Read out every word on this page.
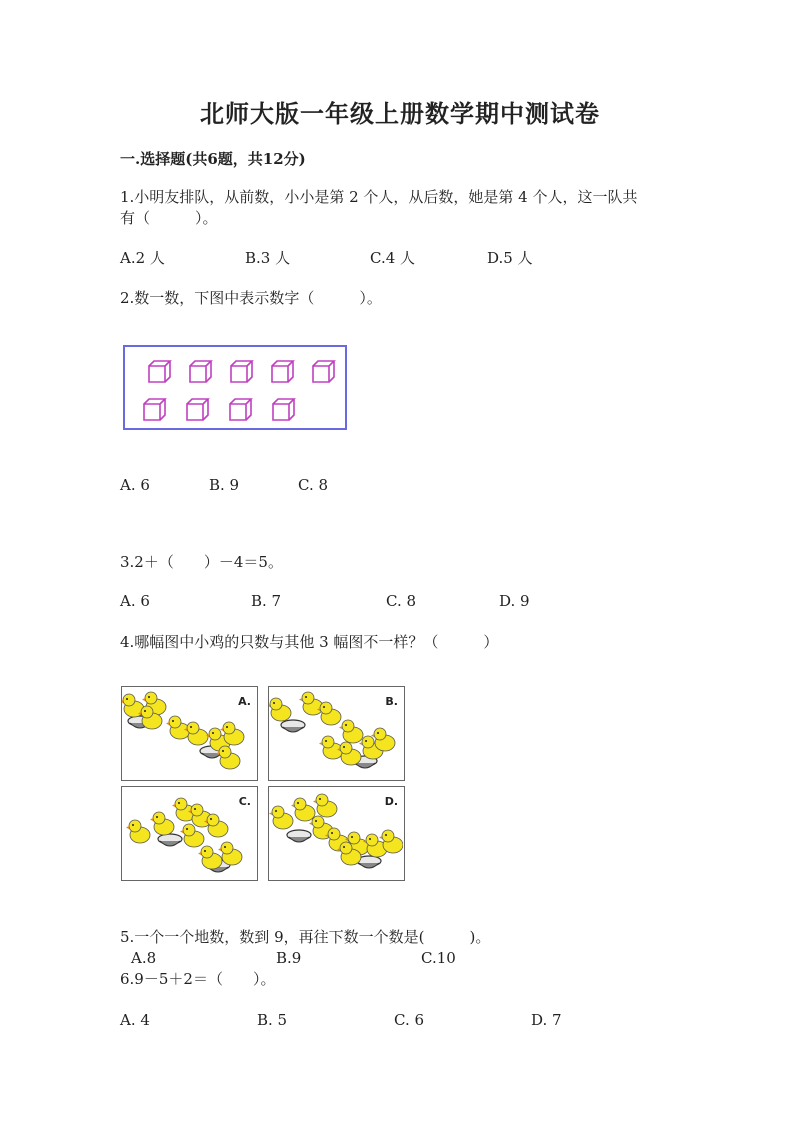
北师大版一年级上册数学期中测试卷
一.选择题(共6题，共12分)
1.小明友排队，从前数，小小是第 2 个人，从后数，她是第 4 个人，这一队共
有（　　　）。
A.2 人	B.3 人	C.4 人	D.5 人
2.数一数，下图中表示数字（　　　）。
A. 6	B. 9	C. 8
3.2＋（　　）－4＝5。
A. 6	B. 7	C. 8	D. 9
4.哪幅图中小鸡的只数与其他 3 幅图不一样？（　　　）
A.	B.
C.	D.
5.一个一个地数，数到 9，再往下数一个数是(　　　)。
A.8	B.9	C.10
6.9－5＋2＝（　　）。
A. 4	B. 5	C. 6	D. 7
